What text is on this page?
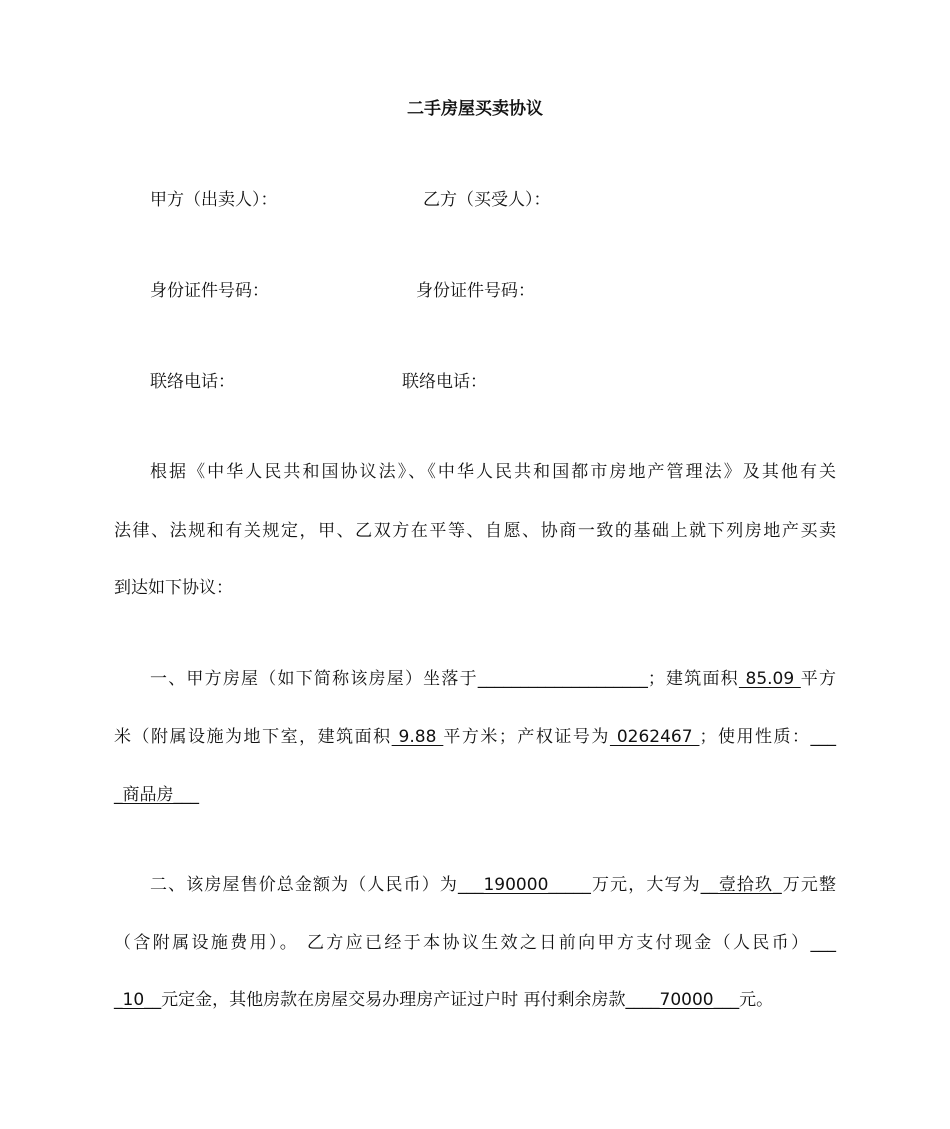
二手房屋买卖协议
甲方（出卖人）：	乙方（买受人）：
身份证件号码：	身份证件号码：
联络电话：	联络电话：
根据《中华人民共和国协议法》、《中华人民共和国都市房地产管理法》及其他有关
法律、法规和有关规定，甲、乙双方在平等、自愿、协商一致的基础上就下列房地产买卖
到达如下协议：
一、甲方房屋（如下简称该房屋）坐落于____________________；建筑面积 85.09 平方
米（附属设施为地下室，建筑面积 9.88 平方米；产权证号为 0262467 ；使用性质：___
_商品房___
二、该房屋售价总金额为（人民币）为___190000_____万元，大写为__壹拾玖_万元整
（含附属设施费用）。 乙方应已经于本协议生效之日前向甲方支付现金（人民币）___
_10__元定金，其他房款在房屋交易办理房产证过户时 再付剩余房款____70000___元。
